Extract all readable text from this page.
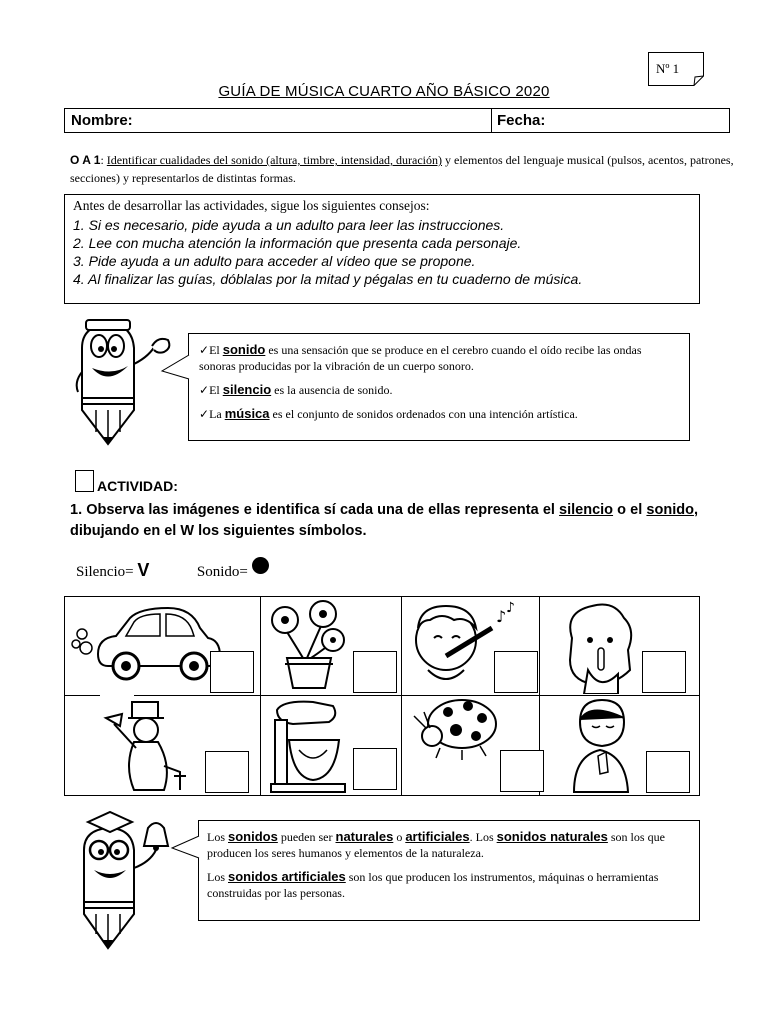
Nº 1
GUÍA DE MÚSICA CUARTO AÑO BÁSICO 2020
Nombre:	Fecha:
O A 1: Identificar cualidades del sonido (altura, timbre, intensidad, duración) y elementos del lenguaje musical (pulsos, acentos, patrones, secciones) y representarlos de distintas formas.
Antes de desarrollar las actividades, sigue los siguientes consejos:
1. Si es necesario, pide ayuda a un adulto para leer las instrucciones.
2. Lee con mucha atención la información que presenta cada personaje.
3. Pide ayuda a un adulto para acceder al vídeo que se propone.
4. Al finalizar las guías, dóblalas por la mitad y pégalas en tu cuaderno de música.

✓El sonido es una sensación que se produce en el cerebro cuando el oído recibe las ondas sonoras producidas por la vibración de un cuerpo sonoro.

✓El silencio es la ausencia de sonido.

✓La música es el conjunto de sonidos ordenados con una intención artística.

ACTIVIDAD:
1. Observa las imágenes e identifica sí cada una de ellas representa el silencio o el sonido, dibujando en el W los siguientes símbolos.
Silencio= V	Sonido=
♪ ♪

Los sonidos pueden ser naturales o artificiales. Los sonidos naturales son los que producen los seres humanos y elementos de la naturaleza.

Los sonidos artificiales son los que producen los instrumentos, máquinas o herramientas construidas por las personas.
